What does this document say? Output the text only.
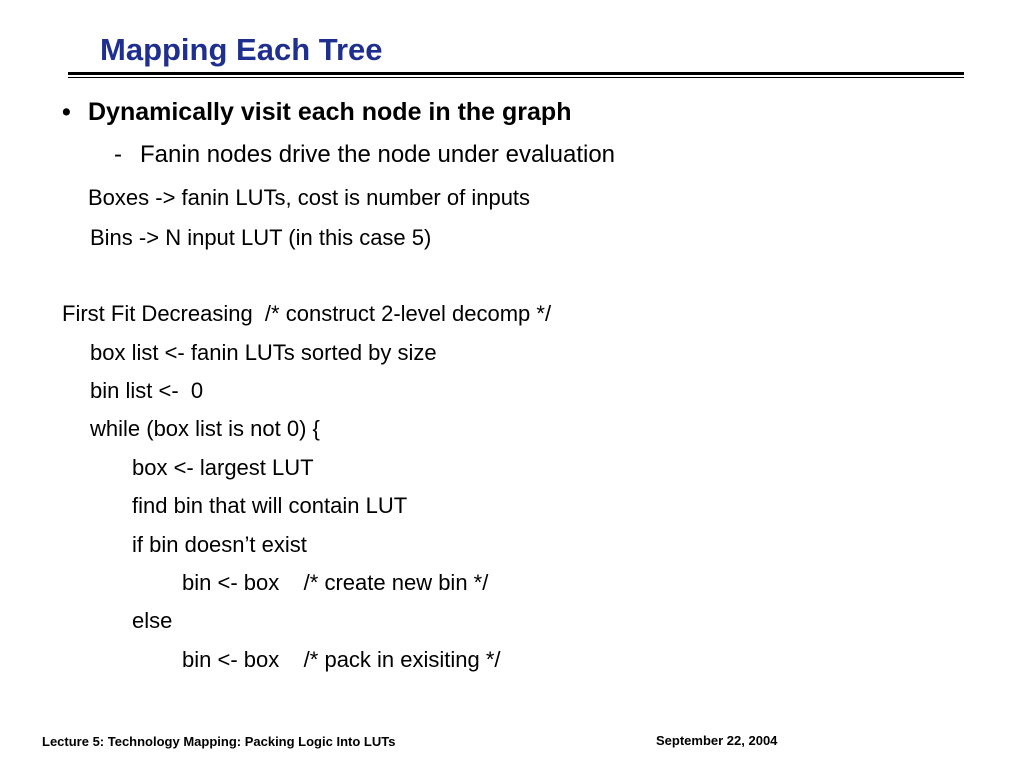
Mapping Each Tree
• Dynamically visit each node in the graph
- Fanin nodes drive the node under evaluation
Boxes -> fanin LUTs, cost is number of inputs
Bins -> N input LUT (in this case 5)
First Fit Decreasing  /* construct 2-level decomp */
box list <- fanin LUTs sorted by size
bin list <-  0
while (box list is not 0) {
box <- largest LUT
find bin that will contain LUT
if bin doesn’t exist
bin <- box    /* create new bin */
else
bin <- box    /* pack in exisiting */
Lecture 5: Technology Mapping: Packing Logic Into LUTs	September 22, 2004
